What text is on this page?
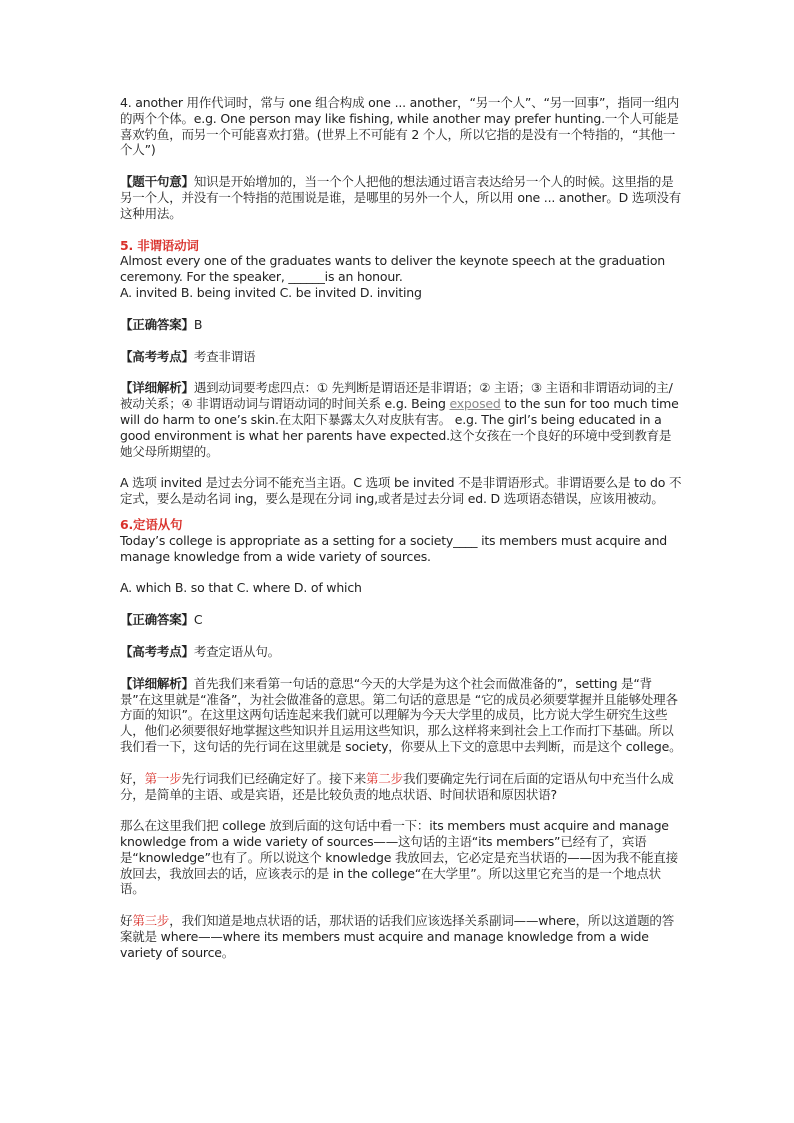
4. another 用作代词时，常与 one 组合构成 one ... another，“另一个人”、“另一回事”，指同一组内的两个个体。e.g. One person may like fishing, while another may prefer hunting.一个人可能是喜欢钓鱼，而另一个可能喜欢打猎。(世界上不可能有 2 个人，所以它指的是没有一个特指的，“其他一个人”)

【题干句意】知识是开始增加的，当一个个人把他的想法通过语言表达给另一个人的时候。这里指的是另一个人，并没有一个特指的范围说是谁，是哪里的另外一个人，所以用 one ... another。D 选项没有这种用法。

5. 非谓语动词

Almost every one of the graduates wants to deliver the keynote speech at the graduation ceremony. For the speaker, ______is an honour.

A. invited B. being invited C. be invited D. inviting

【正确答案】B

【高考考点】考查非谓语

【详细解析】遇到动词要考虑四点：① 先判断是谓语还是非谓语；② 主语；③ 主语和非谓语动词的主/被动关系；④ 非谓语动词与谓语动词的时间关系 e.g. Being exposed to the sun for too much time will do harm to one’s skin.在太阳下暴露太久对皮肤有害。 e.g. The girl’s being educated in a good environment is what her parents have expected.这个女孩在一个良好的环境中受到教育是她父母所期望的。

A 选项 invited 是过去分词不能充当主语。C 选项 be invited 不是非谓语形式。非谓语要么是 to do 不定式，要么是动名词 ing，要么是现在分词 ing,或者是过去分词 ed. D 选项语态错误，应该用被动。

6.定语从句

Today’s college is appropriate as a setting for a society____ its members must acquire and manage knowledge from a wide variety of sources.

A. which B. so that C. where D. of which

【正确答案】C

【高考考点】考查定语从句。

【详细解析】首先我们来看第一句话的意思“今天的大学是为这个社会而做准备的”，setting 是“背景”在这里就是“准备”，为社会做准备的意思。第二句话的意思是 “它的成员必须要掌握并且能够处理各方面的知识”。在这里这两句话连起来我们就可以理解为今天大学里的成员，比方说大学生研究生这些人，他们必须要很好地掌握这些知识并且运用这些知识，那么这样将来到社会上工作而打下基础。所以我们看一下，这句话的先行词在这里就是 society，你要从上下文的意思中去判断，而是这个 college。

好，第一步先行词我们已经确定好了。接下来第二步我们要确定先行词在后面的定语从句中充当什么成分，是简单的主语、或是宾语，还是比较负责的地点状语、时间状语和原因状语?

那么在这里我们把 college 放到后面的这句话中看一下：its members must acquire and manage knowledge from a wide variety of sources——这句话的主语“its members”已经有了，宾语是“knowledge”也有了。所以说这个 knowledge 我放回去，它必定是充当状语的——因为我不能直接放回去，我放回去的话，应该表示的是 in the college“在大学里”。所以这里它充当的是一个地点状语。

好第三步，我们知道是地点状语的话，那状语的话我们应该选择关系副词——where，所以这道题的答案就是 where——where its members must acquire and manage knowledge from a wide variety of source。
